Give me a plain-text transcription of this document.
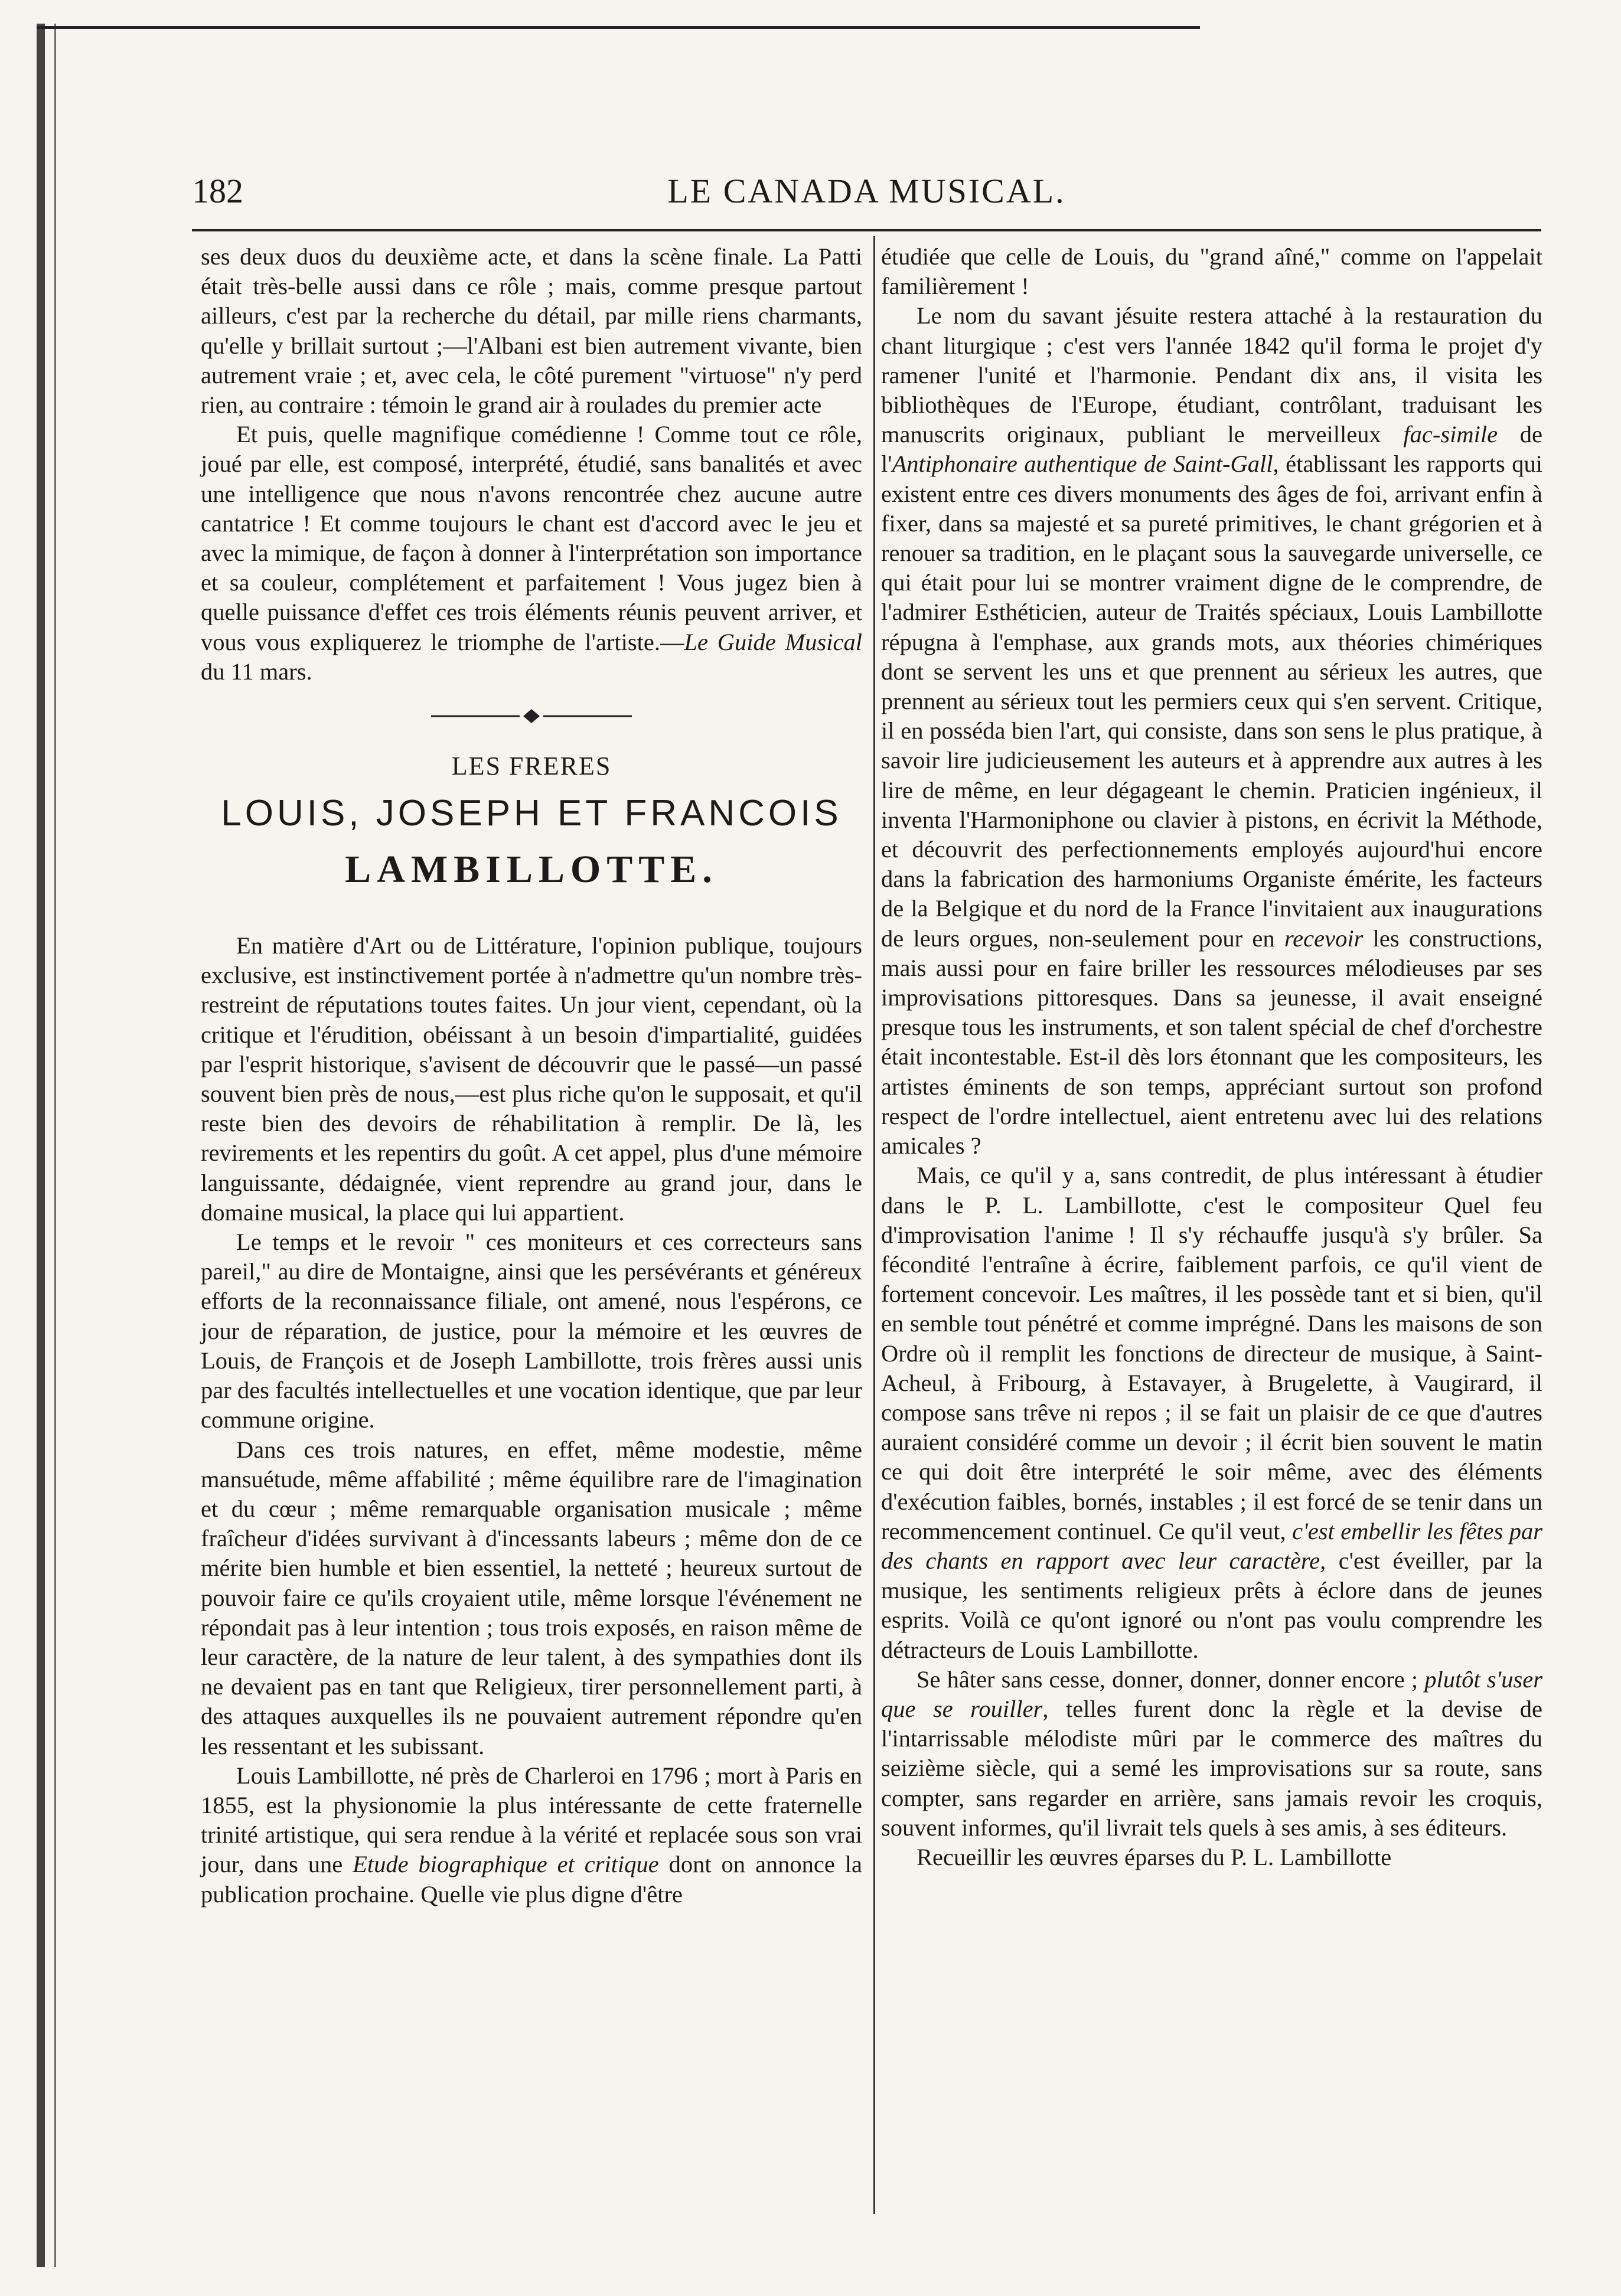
182	LE CANADA MUSICAL.

ses deux duos du deuxième acte, et dans la scène finale. La Patti était très-belle aussi dans ce rôle ; mais, comme presque partout ailleurs, c'est par la recherche du détail, par mille riens charmants, qu'elle y brillait surtout ;—l'Albani est bien autrement vivante, bien autrement vraie ; et, avec cela, le côté purement "virtuose" n'y perd rien, au contraire : témoin le grand air à roulades du premier acte

Et puis, quelle magnifique comédienne ! Comme tout ce rôle, joué par elle, est composé, interprété, étudié, sans banalités et avec une intelligence que nous n'avons rencontrée chez aucune autre cantatrice ! Et comme toujours le chant est d'accord avec le jeu et avec la mimique, de façon à donner à l'interprétation son importance et sa couleur, complétement et parfaitement ! Vous jugez bien à quelle puissance d'effet ces trois éléments réunis peuvent arriver, et vous vous expliquerez le triomphe de l'artiste.—Le Guide Musical du 11 mars.

LES FRERES
LOUIS, JOSEPH ET FRANCOIS
LAMBILLOTTE.

En matière d'Art ou de Littérature, l'opinion publique, toujours exclusive, est instinctivement portée à n'admettre qu'un nombre très-restreint de réputations toutes faites. Un jour vient, cependant, où la critique et l'érudition, obéissant à un besoin d'impartialité, guidées par l'esprit historique, s'avisent de découvrir que le passé—un passé souvent bien près de nous,—est plus riche qu'on le supposait, et qu'il reste bien des devoirs de réhabilitation à remplir. De là, les revirements et les repentirs du goût. A cet appel, plus d'une mémoire languissante, dédaignée, vient reprendre au grand jour, dans le domaine musical, la place qui lui appartient.

Le temps et le revoir " ces moniteurs et ces correcteurs sans pareil," au dire de Montaigne, ainsi que les persévérants et généreux efforts de la reconnaissance filiale, ont amené, nous l'espérons, ce jour de réparation, de justice, pour la mémoire et les œuvres de Louis, de François et de Joseph Lambillotte, trois frères aussi unis par des facultés intellectuelles et une vocation identique, que par leur commune origine.

Dans ces trois natures, en effet, même modestie, même mansuétude, même affabilité ; même équilibre rare de l'imagination et du cœur ; même remarquable organisation musicale ; même fraîcheur d'idées survivant à d'incessants labeurs ; même don de ce mérite bien humble et bien essentiel, la netteté ; heureux surtout de pouvoir faire ce qu'ils croyaient utile, même lorsque l'événement ne répondait pas à leur intention ; tous trois exposés, en raison même de leur caractère, de la nature de leur talent, à des sympathies dont ils ne devaient pas en tant que Religieux, tirer personnellement parti, à des attaques auxquelles ils ne pouvaient autrement répondre qu'en les ressentant et les subissant.

Louis Lambillotte, né près de Charleroi en 1796 ; mort à Paris en 1855, est la physionomie la plus intéressante de cette fraternelle trinité artistique, qui sera rendue à la vérité et replacée sous son vrai jour, dans une Etude biographique et critique dont on annonce la publication prochaine. Quelle vie plus digne d'être

étudiée que celle de Louis, du "grand aîné," comme on l'appelait familièrement !

Le nom du savant jésuite restera attaché à la restauration du chant liturgique ; c'est vers l'année 1842 qu'il forma le projet d'y ramener l'unité et l'harmonie. Pendant dix ans, il visita les bibliothèques de l'Europe, étudiant, contrôlant, traduisant les manuscrits originaux, publiant le merveilleux fac-simile de l'Antiphonaire authentique de Saint-Gall, établissant les rapports qui existent entre ces divers monuments des âges de foi, arrivant enfin à fixer, dans sa majesté et sa pureté primitives, le chant grégorien et à renouer sa tradition, en le plaçant sous la sauvegarde universelle, ce qui était pour lui se montrer vraiment digne de le comprendre, de l'admirer Esthéticien, auteur de Traités spéciaux, Louis Lambillotte répugna à l'emphase, aux grands mots, aux théories chimériques dont se servent les uns et que prennent au sérieux les autres, que prennent au sérieux tout les permiers ceux qui s'en servent. Critique, il en posséda bien l'art, qui consiste, dans son sens le plus pratique, à savoir lire judicieusement les auteurs et à apprendre aux autres à les lire de même, en leur dégageant le chemin. Praticien ingénieux, il inventa l'Harmoniphone ou clavier à pistons, en écrivit la Méthode, et découvrit des perfectionnements employés aujourd'hui encore dans la fabrication des harmoniums Organiste émérite, les facteurs de la Belgique et du nord de la France l'invitaient aux inaugurations de leurs orgues, non-seulement pour en recevoir les constructions, mais aussi pour en faire briller les ressources mélodieuses par ses improvisations pittoresques. Dans sa jeunesse, il avait enseigné presque tous les instruments, et son talent spécial de chef d'orchestre était incontestable. Est-il dès lors étonnant que les compositeurs, les artistes éminents de son temps, appréciant surtout son profond respect de l'ordre intellectuel, aient entretenu avec lui des relations amicales ?

Mais, ce qu'il y a, sans contredit, de plus intéressant à étudier dans le P. L. Lambillotte, c'est le compositeur Quel feu d'improvisation l'anime ! Il s'y réchauffe jusqu'à s'y brûler. Sa fécondité l'entraîne à écrire, faiblement parfois, ce qu'il vient de fortement concevoir. Les maîtres, il les possède tant et si bien, qu'il en semble tout pénétré et comme imprégné. Dans les maisons de son Ordre où il remplit les fonctions de directeur de musique, à Saint-Acheul, à Fribourg, à Estavayer, à Brugelette, à Vaugirard, il compose sans trêve ni repos ; il se fait un plaisir de ce que d'autres auraient considéré comme un devoir ; il écrit bien souvent le matin ce qui doit être interprété le soir même, avec des éléments d'exécution faibles, bornés, instables ; il est forcé de se tenir dans un recommencement continuel. Ce qu'il veut, c'est embellir les fêtes par des chants en rapport avec leur caractère, c'est éveiller, par la musique, les sentiments religieux prêts à éclore dans de jeunes esprits. Voilà ce qu'ont ignoré ou n'ont pas voulu comprendre les détracteurs de Louis Lambillotte.

Se hâter sans cesse, donner, donner, donner encore ; plutôt s'user que se rouiller, telles furent donc la règle et la devise de l'intarrissable mélodiste mûri par le commerce des maîtres du seizième siècle, qui a semé les improvisations sur sa route, sans compter, sans regarder en arrière, sans jamais revoir les croquis, souvent informes, qu'il livrait tels quels à ses amis, à ses éditeurs.

Recueillir les œuvres éparses du P. L. Lambillotte
